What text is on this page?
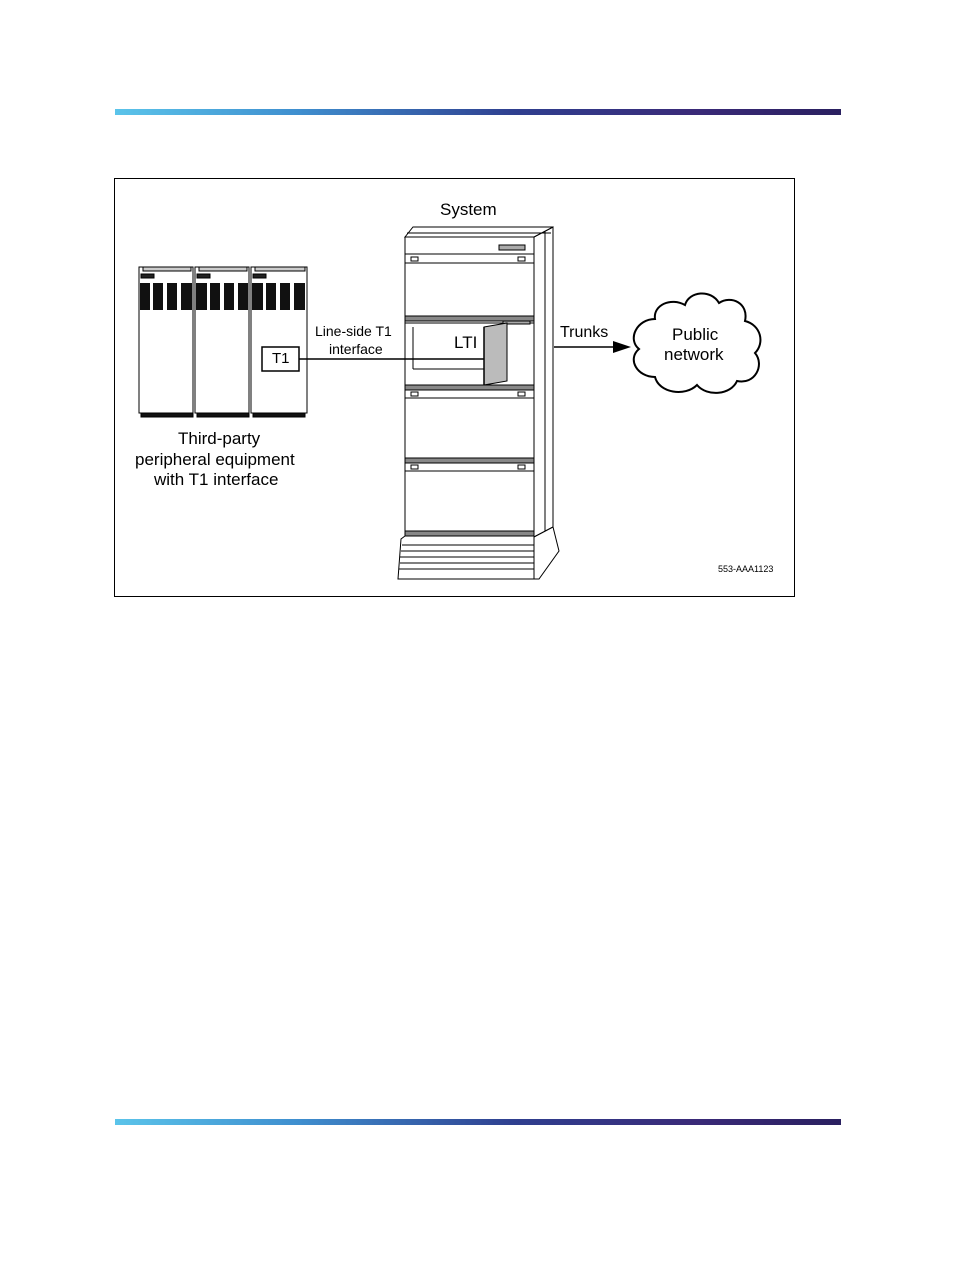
System
LTI
T1
Line-side T1
interface
Trunks	Public
network
Third-party
peripheral equipment
with T1 interface
553-AAA1123
